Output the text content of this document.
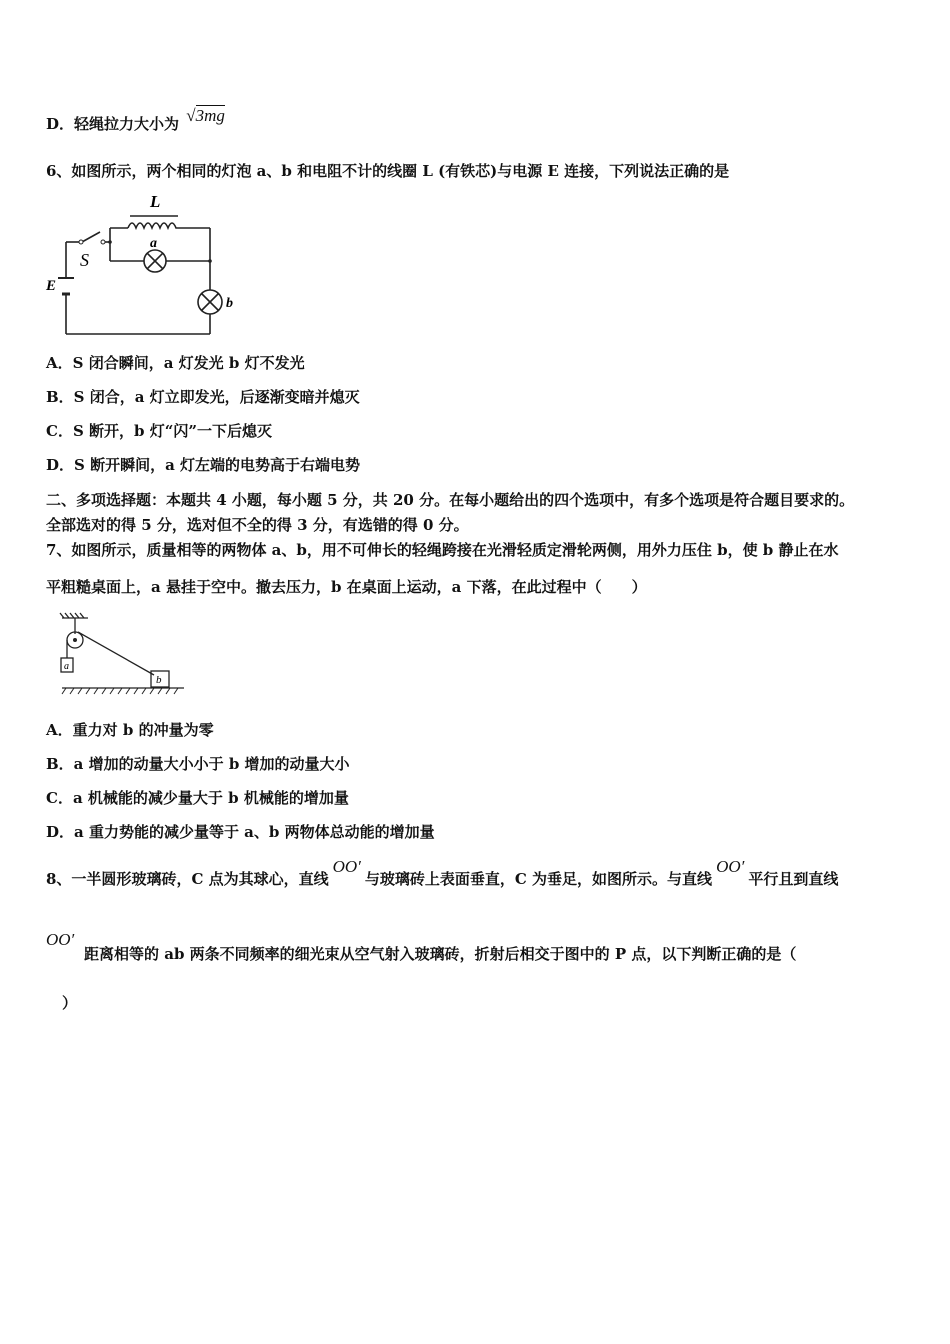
D．轻绳拉力大小为 √3mg
6、如图所示，两个相同的灯泡 a、b 和电阻不计的线圈 L (有铁芯)与电源 E 连接，下列说法正确的是
L
a
S
E
b
A．S 闭合瞬间，a 灯发光 b 灯不发光
B．S 闭合，a 灯立即发光，后逐渐变暗并熄灭
C．S 断开，b 灯“闪”一下后熄灭
D．S 断开瞬间，a 灯左端的电势高于右端电势
二、多项选择题：本题共 4 小题，每小题 5 分，共 20 分。在每小题给出的四个选项中，有多个选项是符合题目要求的。
全部选对的得 5 分，选对但不全的得 3 分，有选错的得 0 分。
7、如图所示，质量相等的两物体 a、b，用不可伸长的轻绳跨接在光滑轻质定滑轮两侧，用外力压住 b，使 b 静止在水
平粗糙桌面上，a 悬挂于空中。撤去压力，b 在桌面上运动，a 下落，在此过程中（　　）
a
b
A．重力对 b 的冲量为零
B．a 增加的动量大小小于 b 增加的动量大小
C．a 机械能的减少量大于 b 机械能的增加量
D．a 重力势能的减少量等于 a、b 两物体总动能的增加量
8、一半圆形玻璃砖，C 点为其球心，直线OO′与玻璃砖上表面垂直，C 为垂足，如图所示。与直线OO′平行且到直线
OO′
距离相等的 ab 两条不同频率的细光束从空气射入玻璃砖，折射后相交于图中的 P 点，以下判断正确的是（
）
